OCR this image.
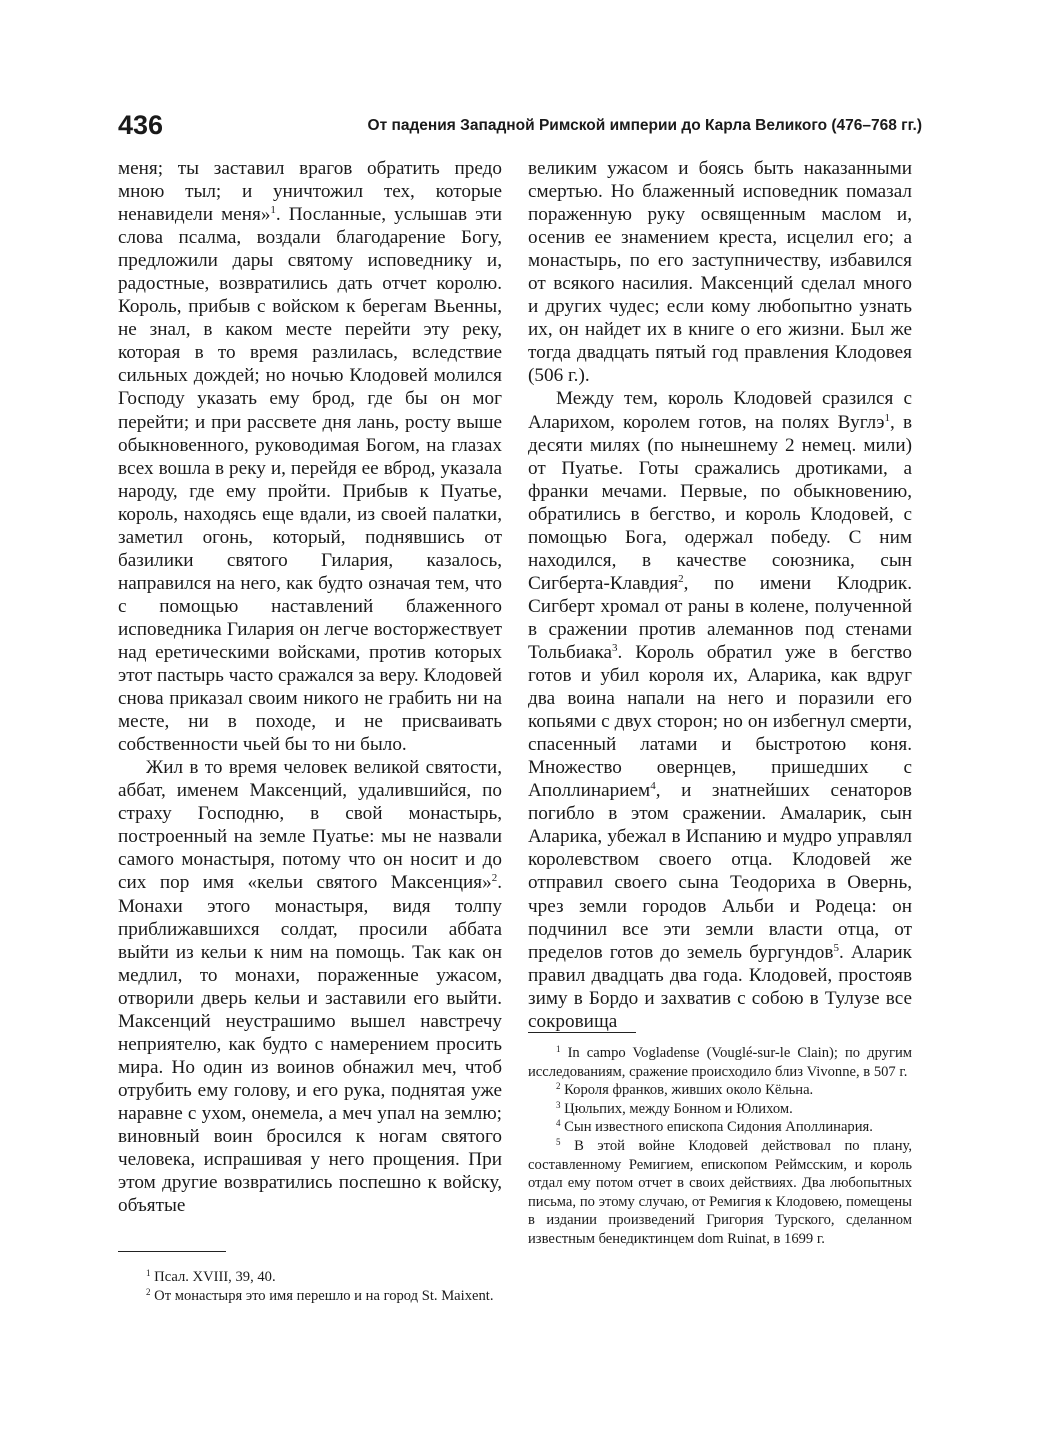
436	От падения Западной Римской империи до Карла Великого (476–768 гг.)

меня; ты заставил врагов обратить предо мною тыл; и уничтожил тех, которые ненавидели меня»$^1$. Посланные, услышав эти слова псалма, воздали благодарение Богу, предложили дары святому исповеднику и, радостные, возвратились дать отчет королю. Король, прибыв с войском к берегам Вьенны, не знал, в каком месте перейти эту реку, которая в то время разлилась, вследствие сильных дождей; но ночью Клодовей молился Господу указать ему брод, где бы он мог перейти; и при рассвете дня лань, росту выше обыкновенного, руководимая Богом, на глазах всех вошла в реку и, перейдя ее вброд, указала народу, где ему пройти. Прибыв к Пуатье, король, находясь еще вдали, из своей палатки, заметил огонь, который, поднявшись от базилики святого Гилария, казалось, направился на него, как будто означая тем, что с помощью наставлений блаженного исповедника Гилария он легче восторжествует над еретическими войсками, против которых этот пастырь часто сражался за веру. Клодовей снова приказал своим никого не грабить ни на месте, ни в походе, и не присваивать собственности чьей бы то ни было.

Жил в то время человек великой святости, аббат, именем Максенций, удалившийся, по страху Господню, в свой монастырь, построенный на земле Пуатье: мы не назвали самого монастыря, потому что он носит и до сих пор имя «кельи святого Максенция»$^2$. Монахи этого монастыря, видя толпу приближавшихся солдат, просили аббата выйти из кельи к ним на помощь. Так как он медлил, то монахи, пораженные ужасом, отворили дверь кельи и заставили его выйти. Максенций неустрашимо вышел навстречу неприятелю, как будто с намерением просить мира. Но один из воинов обнажил меч, чтоб отрубить ему голову, и его рука, поднятая уже наравне с ухом, онемела, а меч упал на землю; виновный воин бросился к ногам святого человека, испрашивая у него прощения. При этом другие возвратились поспешно к войску, объятые

$^1$ Псал. XVIII, 39, 40.

$^2$ От монастыря это имя перешло и на город St. Maixent.

великим ужасом и боясь быть наказанными смертью. Но блаженный исповедник помазал пораженную руку освященным маслом и, осенив ее знамением креста, исцелил его; а монастырь, по его заступничеству, избавился от всякого насилия. Максенций сделал много и других чудес; если кому любопытно узнать их, он найдет их в книге о его жизни. Был же тогда двадцать пятый год правления Клодовея (506 г.).

Между тем, король Клодовей сразился с Аларихом, королем готов, на полях Вуглэ$^1$, в десяти милях (по нынешнему 2 немец. мили) от Пуатье. Готы сражались дротиками, а франки мечами. Первые, по обыкновению, обратились в бегство, и король Клодовей, с помощью Бога, одержал победу. С ним находился, в качестве союзника, сын Сигберта-Клавдия$^2$, по имени Клодрик. Сигберт хромал от раны в колене, полученной в сражении против алеманнов под стенами Тольбиака$^3$. Король обратил уже в бегство готов и убил короля их, Аларика, как вдруг два воина напали на него и поразили его копьями с двух сторон; но он избегнул смерти, спасенный латами и быстротою коня. Множество овернцев, пришедших с Аполлинарием$^4$, и знатнейших сенаторов погибло в этом сражении. Амаларик, сын Аларика, убежал в Испанию и мудро управлял королевством своего отца. Клодовей же отправил своего сына Теодориха в Овернь, чрез земли городов Альби и Родеца: он подчинил все эти земли власти отца, от пределов готов до земель бургундов$^5$. Аларик правил двадцать два года. Клодовей, простояв зиму в Бордо и захватив с собою в Тулузе все сокровища

$^1$ In campo Vogladense (Vouglé-sur-le Clain); по другим исследованиям, сражение происходило близ Vivonne, в 507 г.

$^2$ Короля франков, живших около Кёльна.

$^3$ Цюльпих, между Бонном и Юлихом.

$^4$ Сын известного епископа Сидония Аполлинария.

$^5$ В этой войне Клодовей действовал по плану, составленному Ремигием, епископом Реймсским, и король отдал ему потом отчет в своих действиях. Два любопытных письма, по этому случаю, от Ремигия к Клодовею, помещены в издании произведений Григория Турского, сделанном известным бенедиктинцем dom Ruinat, в 1699 г.
